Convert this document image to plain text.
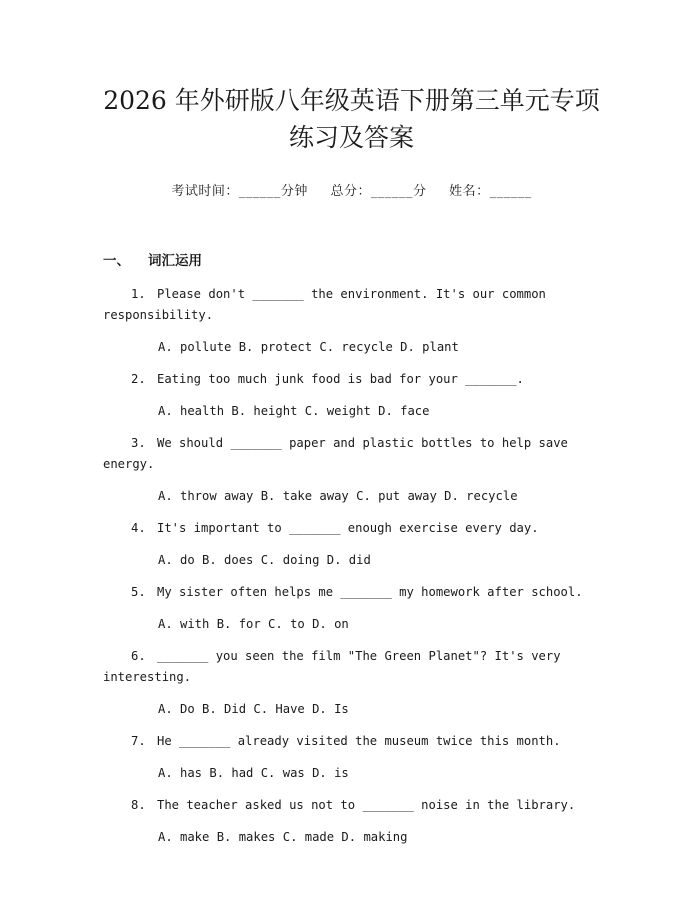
2026 年外研版八年级英语下册第三单元专项
练习及答案
考试时间：______分钟 总分：______分 姓名：______
一、 词汇运用

1. Please don't _______ the environment. It's our common responsibility.

A. pollute B. protect C. recycle D. plant

2. Eating too much junk food is bad for your _______.

A. health B. height C. weight D. face

3. We should _______ paper and plastic bottles to help save energy.

A. throw away B. take away C. put away D. recycle

4. It's important to _______ enough exercise every day.

A. do B. does C. doing D. did

5. My sister often helps me _______ my homework after school.

A. with B. for C. to D. on

6. _______ you seen the film "The Green Planet"? It's very interesting.

A. Do B. Did C. Have D. Is

7. He _______ already visited the museum twice this month.

A. has B. had C. was D. is

8. The teacher asked us not to _______ noise in the library.

A. make B. makes C. made D. making
